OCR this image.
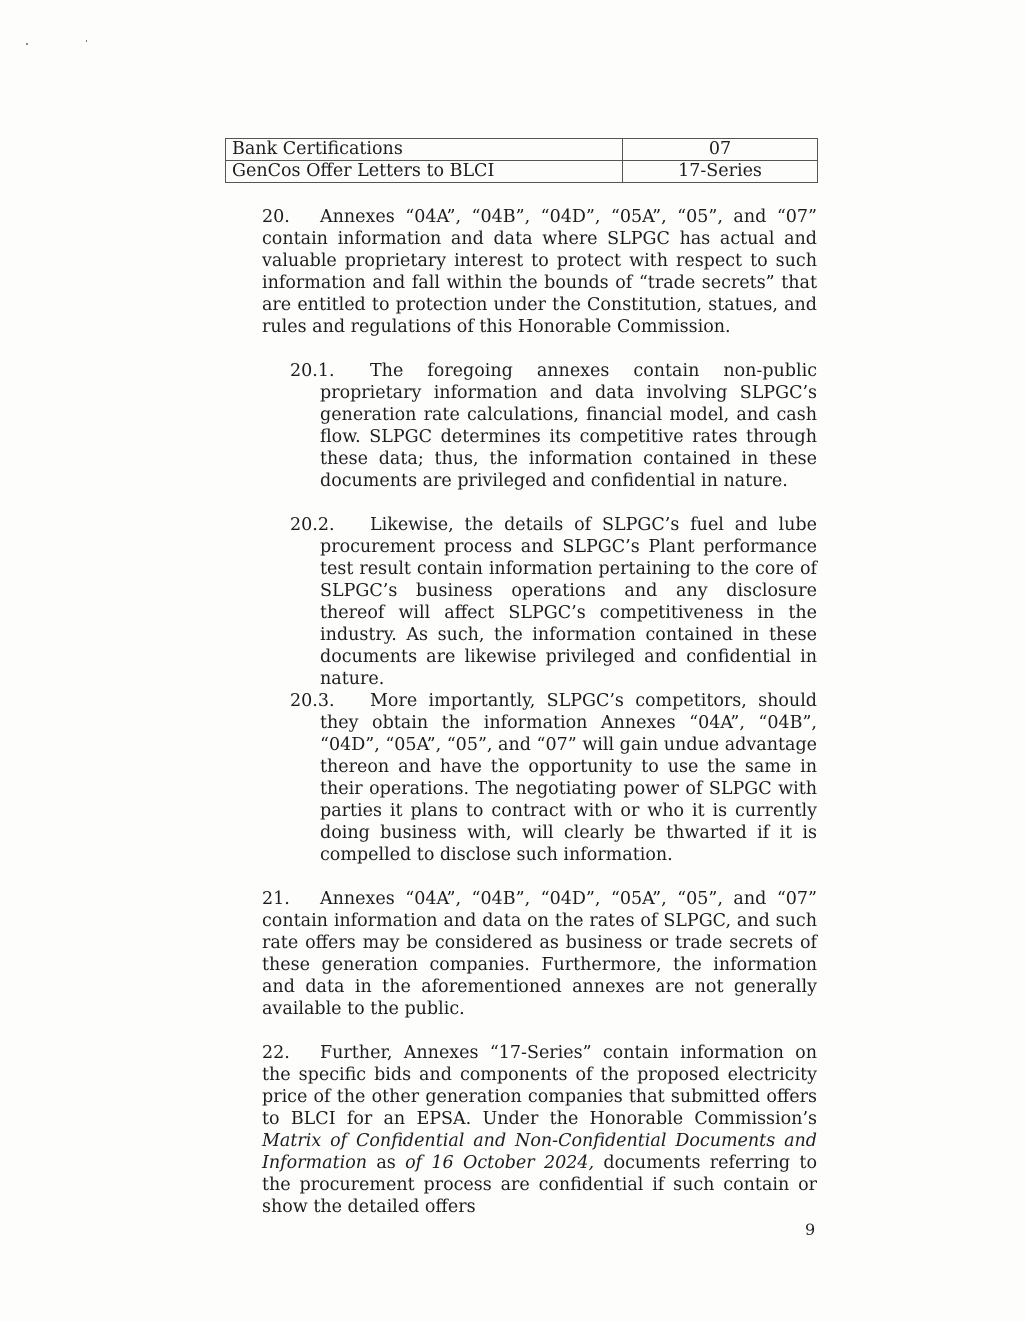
Bank Certifications	07
GenCos Offer Letters to BLCI	17-Series

20. Annexes “04A”, “04B”, “04D”, “05A”, “05”, and “07” contain information and data where SLPGC has actual and valuable proprietary interest to protect with respect to such information and fall within the bounds of “trade secrets” that are entitled to protection under the Constitution, statues, and rules and regulations of this Honorable Commission.

20.1.	The foregoing annexes contain non-public proprietary information and data involving SLPGC’s generation rate calculations, financial model, and cash flow. SLPGC determines its competitive rates through these data; thus, the information contained in these documents are privileged and confidential in nature.

20.2.	Likewise, the details of SLPGC’s fuel and lube procurement process and SLPGC’s Plant performance test result contain information pertaining to the core of SLPGC’s business operations and any disclosure thereof will affect SLPGC’s competitiveness in the industry. As such, the information contained in these documents are likewise privileged and confidential in nature.

20.3.	More importantly, SLPGC’s competitors, should they obtain the information Annexes “04A”, “04B”, “04D”, “05A”, “05”, and “07” will gain undue advantage thereon and have the opportunity to use the same in their operations. The negotiating power of SLPGC with parties it plans to contract with or who it is currently doing business with, will clearly be thwarted if it is compelled to disclose such information.

21. Annexes “04A”, “04B”, “04D”, “05A”, “05”, and “07” contain information and data on the rates of SLPGC, and such rate offers may be considered as business or trade secrets of these generation companies. Furthermore, the information and data in the aforementioned annexes are not generally available to the public.

22. Further, Annexes “17-Series” contain information on the specific bids and components of the proposed electricity price of the other generation companies that submitted offers to BLCI for an EPSA. Under the Honorable Commission’s Matrix of Confidential and Non-Confidential Documents and Information as of 16 October 2024, documents referring to the procurement process are confidential if such contain or show the detailed offers

9
